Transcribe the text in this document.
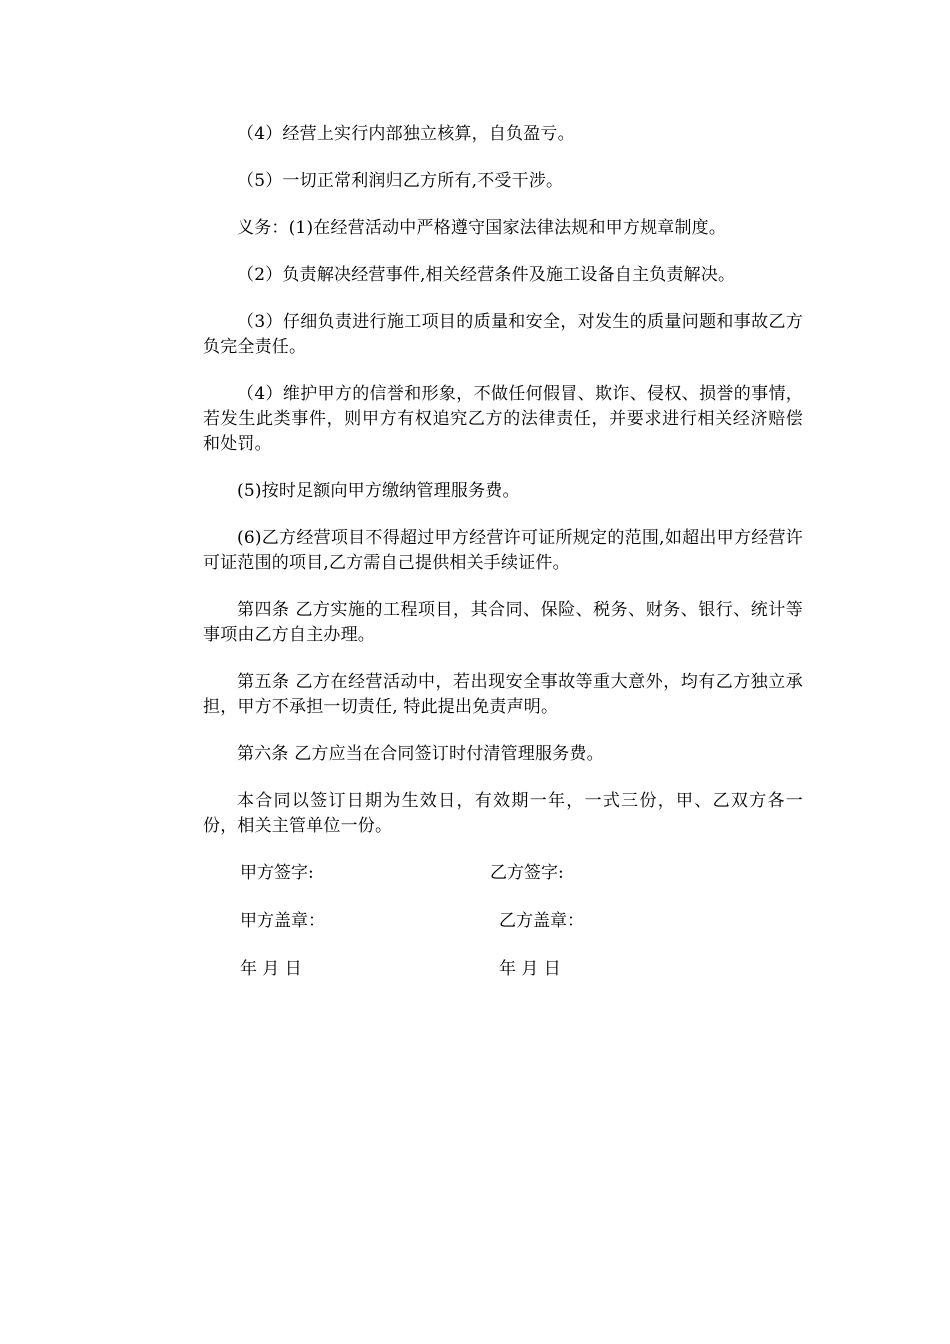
（4）经营上实行内部独立核算，自负盈亏。

（5）一切正常利润归乙方所有,不受干涉。

义务：(1)在经营活动中严格遵守国家法律法规和甲方规章制度。

（2）负责解决经营事件,相关经营条件及施工设备自主负责解决。

（3）仔细负责进行施工项目的质量和安全，对发生的质量问题和事故乙方负完全责任。

（4）维护甲方的信誉和形象，不做任何假冒、欺诈、侵权、损誉的事情，若发生此类事件，则甲方有权追究乙方的法律责任，并要求进行相关经济赔偿和处罚。

(5)按时足额向甲方缴纳管理服务费。

(6)乙方经营项目不得超过甲方经营许可证所规定的范围,如超出甲方经营许可证范围的项目,乙方需自己提供相关手续证件。

第四条 乙方实施的工程项目，其合同、保险、税务、财务、银行、统计等事项由乙方自主办理。

第五条 乙方在经营活动中，若出现安全事故等重大意外，均有乙方独立承担，甲方不承担一切责任, 特此提出免责声明。

第六条 乙方应当在合同签订时付清管理服务费。

本合同以签订日期为生效日，有效期一年，一式三份，甲、乙双方各一份，相关主管单位一份。

甲方签字:	乙方签字:
甲方盖章：	乙方盖章：
年 月 日	年 月 日
